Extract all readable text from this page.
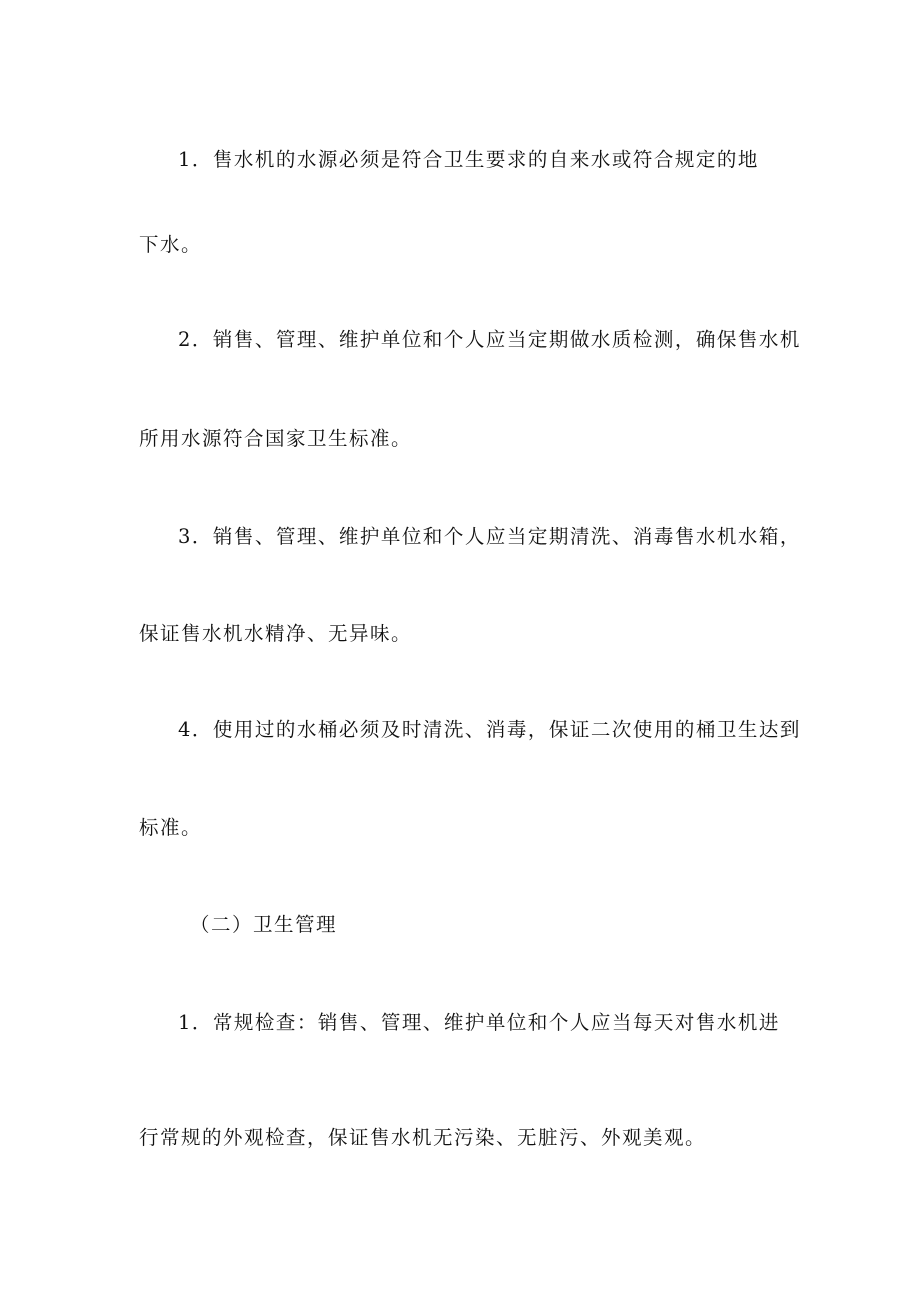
1．售水机的水源必须是符合卫生要求的自来水或符合规定的地

下水。

2．销售、管理、维护单位和个人应当定期做水质检测，确保售水机

所用水源符合国家卫生标准。

3．销售、管理、维护单位和个人应当定期清洗、消毒售水机水箱，

保证售水机水精净、无异味。

4．使用过的水桶必须及时清洗、消毒，保证二次使用的桶卫生达到

标准。

（二）卫生管理

1．常规检查：销售、管理、维护单位和个人应当每天对售水机进

行常规的外观检查，保证售水机无污染、无脏污、外观美观。
